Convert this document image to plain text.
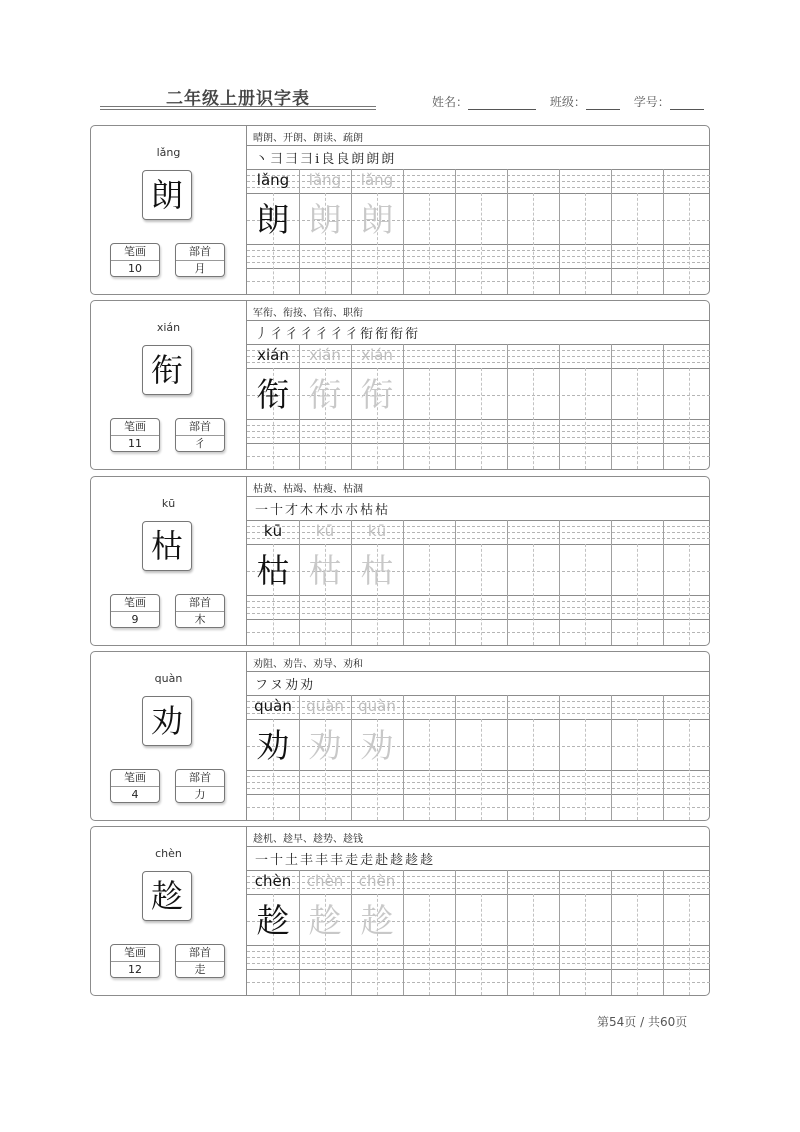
二年级上册识字表	姓名：	班级：	学号：
lǎng
朗
笔画
10
部首
月
晴朗、开朗、朗读、疏朗
丶 彐 彐 彐 ⅰ 良 良 朗 朗 朗
lǎng	lǎng	lǎng
朗 朗 朗
xián
衔
笔画
11
部首
彳
军衔、衔接、官衔、职衔
丿 彳 彳 彳 彳 彳 彳 衔 衔 衔 衔
xián	xián	xián
衔 衔 衔
kū
枯
笔画
9
部首
木
枯黄、枯竭、枯瘦、枯涸
一 十 才 木 木 朩 朩 枯 枯
kū	kū	kū
枯 枯 枯
quàn
劝
笔画
4
部首
力
劝阻、劝告、劝导、劝和
フ ヌ 劝 劝
quàn quàn quàn
劝 劝 劝
chèn
趁
笔画
12
部首
走
趁机、趁早、趁势、趁钱
一 十 土 丰 丰 丰 走 走 赴 趁 趁 趁
chèn	chèn	chèn
趁 趁 趁
第54页 / 共60页
